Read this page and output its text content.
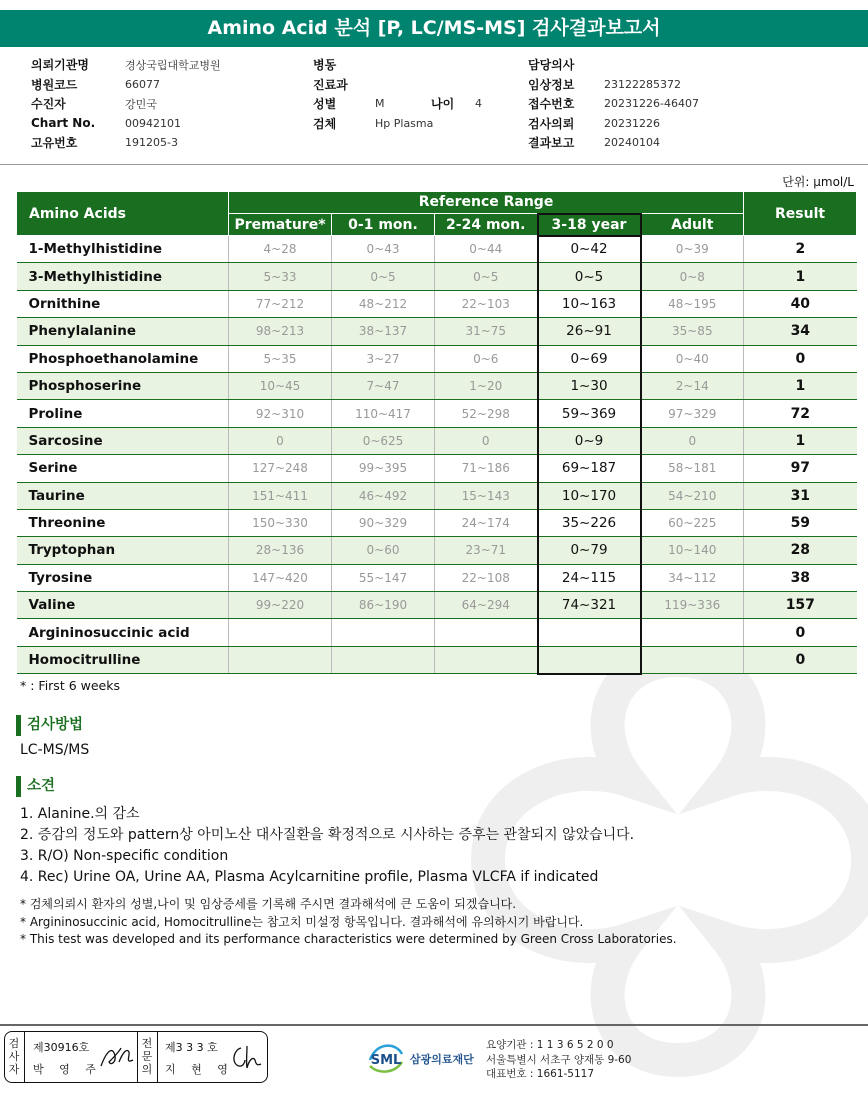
Amino Acid 분석 [P, LC/MS-MS] 검사결과보고서
의뢰기관명	경상국립대학교병원
병원코드	66077
수진자	강민국
Chart No.	00942101
고유번호	191205-3
병동
진료과
성별	M	나이	4
검체	Hp Plasma
담당의사
임상정보	23122285372
접수번호	20231226-46407
검사의뢰	20231226
결과보고	20240104
단위: μmol/L
Amino Acids	Reference Range					Result
	Premature*	0-1 mon.	2-24 mon.	3-18 year	Adult	
1-Methylhistidine	4~28	0~43	0~44	0~42	0~39	2
3-Methylhistidine	5~33	0~5	0~5	0~5	0~8	1
Ornithine	77~212	48~212	22~103	10~163	48~195	40
Phenylalanine	98~213	38~137	31~75	26~91	35~85	34
Phosphoethanolamine	5~35	3~27	0~6	0~69	0~40	0
Phosphoserine	10~45	7~47	1~20	1~30	2~14	1
Proline	92~310	110~417	52~298	59~369	97~329	72
Sarcosine	0	0~625	0	0~9	0	1
Serine	127~248	99~395	71~186	69~187	58~181	97
Taurine	151~411	46~492	15~143	10~170	54~210	31
Threonine	150~330	90~329	24~174	35~226	60~225	59
Tryptophan	28~136	0~60	23~71	0~79	10~140	28
Tyrosine	147~420	55~147	22~108	24~115	34~112	38
Valine	99~220	86~190	64~294	74~321	119~336	157
Argininosuccinic acid						0
Homocitrulline						0
* : First 6 weeks
검사방법
LC-MS/MS
소견
1. Alanine.의 감소
2. 증감의 정도와 pattern상 아미노산 대사질환을 확정적으로 시사하는 증후는 관찰되지 않았습니다.
3. R/O) Non-specific condition
4. Rec) Urine OA, Urine AA, Plasma Acylcarnitine profile, Plasma VLCFA if indicated
* 검체의뢰시 환자의 성별,나이 및 임상증세를 기록해 주시면 결과해석에 큰 도움이 되겠습니다.
* Argininosuccinic acid, Homocitrulline는 참고치 미설정 항목입니다. 결과해석에 유의하시기 바랍니다.
* This test was developed and its performance characteristics were determined by Green Cross Laboratories.
검
사
자
제30916호
박 영 주
전
문
의
제3 3 3 호
지 현 영
SML 삼광의료재단
요양기관 : 1 1 3 6 5 2 0 0
서울특별시 서초구 양재동 9-60
대표번호 : 1661-5117
